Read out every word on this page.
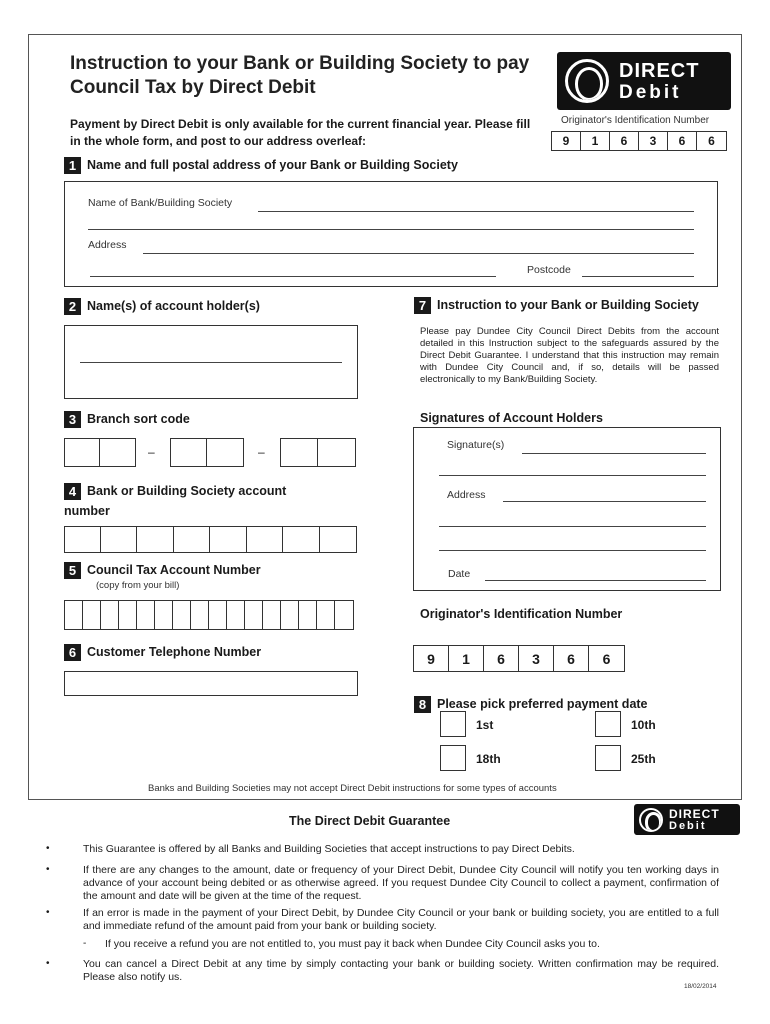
Instruction to your Bank or Building Society to pay Council Tax by Direct Debit
Payment by Direct Debit is only available for the current financial year. Please fill in the whole form, and post to our address overleaf:
DIRECT
Debit
Originator's Identification Number
9	1	6	3	6	6
1 Name and full postal address of your Bank or Building Society
Name of Bank/Building Society
Address
Postcode
2 Name(s) of account holder(s)
3 Branch sort code
–	–
4 Bank or Building Society account number
5 Council Tax Account Number
(copy from your bill)
6 Customer Telephone Number
7 Instruction to your Bank or Building Society
Please pay Dundee City Council Direct Debits from the account detailed in this Instruction subject to the safeguards assured by the Direct Debit Guarantee. I understand that this instruction may remain with Dundee City Council and, if so, details will be passed electronically to my Bank/Building Society.
Signatures of Account Holders
Signature(s)
Address
Date
Originator's Identification Number
9	1	6	3	6	6
8 Please pick preferred payment date
1st	10th
18th	25th
Banks and Building Societies may not accept Direct Debit instructions for some types of accounts
The Direct Debit Guarantee
DIRECT
Debit
•	This Guarantee is offered by all Banks and Building Societies that accept instructions to pay Direct Debits.
•	If there are any changes to the amount, date or frequency of your Direct Debit, Dundee City Council will notify you ten working days in advance of your account being debited or as otherwise agreed. If you request Dundee City Council to collect a payment, confirmation of the amount and date will be given at the time of the request.
•	If an error is made in the payment of your Direct Debit, by Dundee City Council or your bank or building society, you are entitled to a full and immediate refund of the amount paid from your bank or building society.
- If you receive a refund you are not entitled to, you must pay it back when Dundee City Council asks you to.
•	You can cancel a Direct Debit at any time by simply contacting your bank or building society. Written confirmation may be required. Please also notify us.
18/02/2014
